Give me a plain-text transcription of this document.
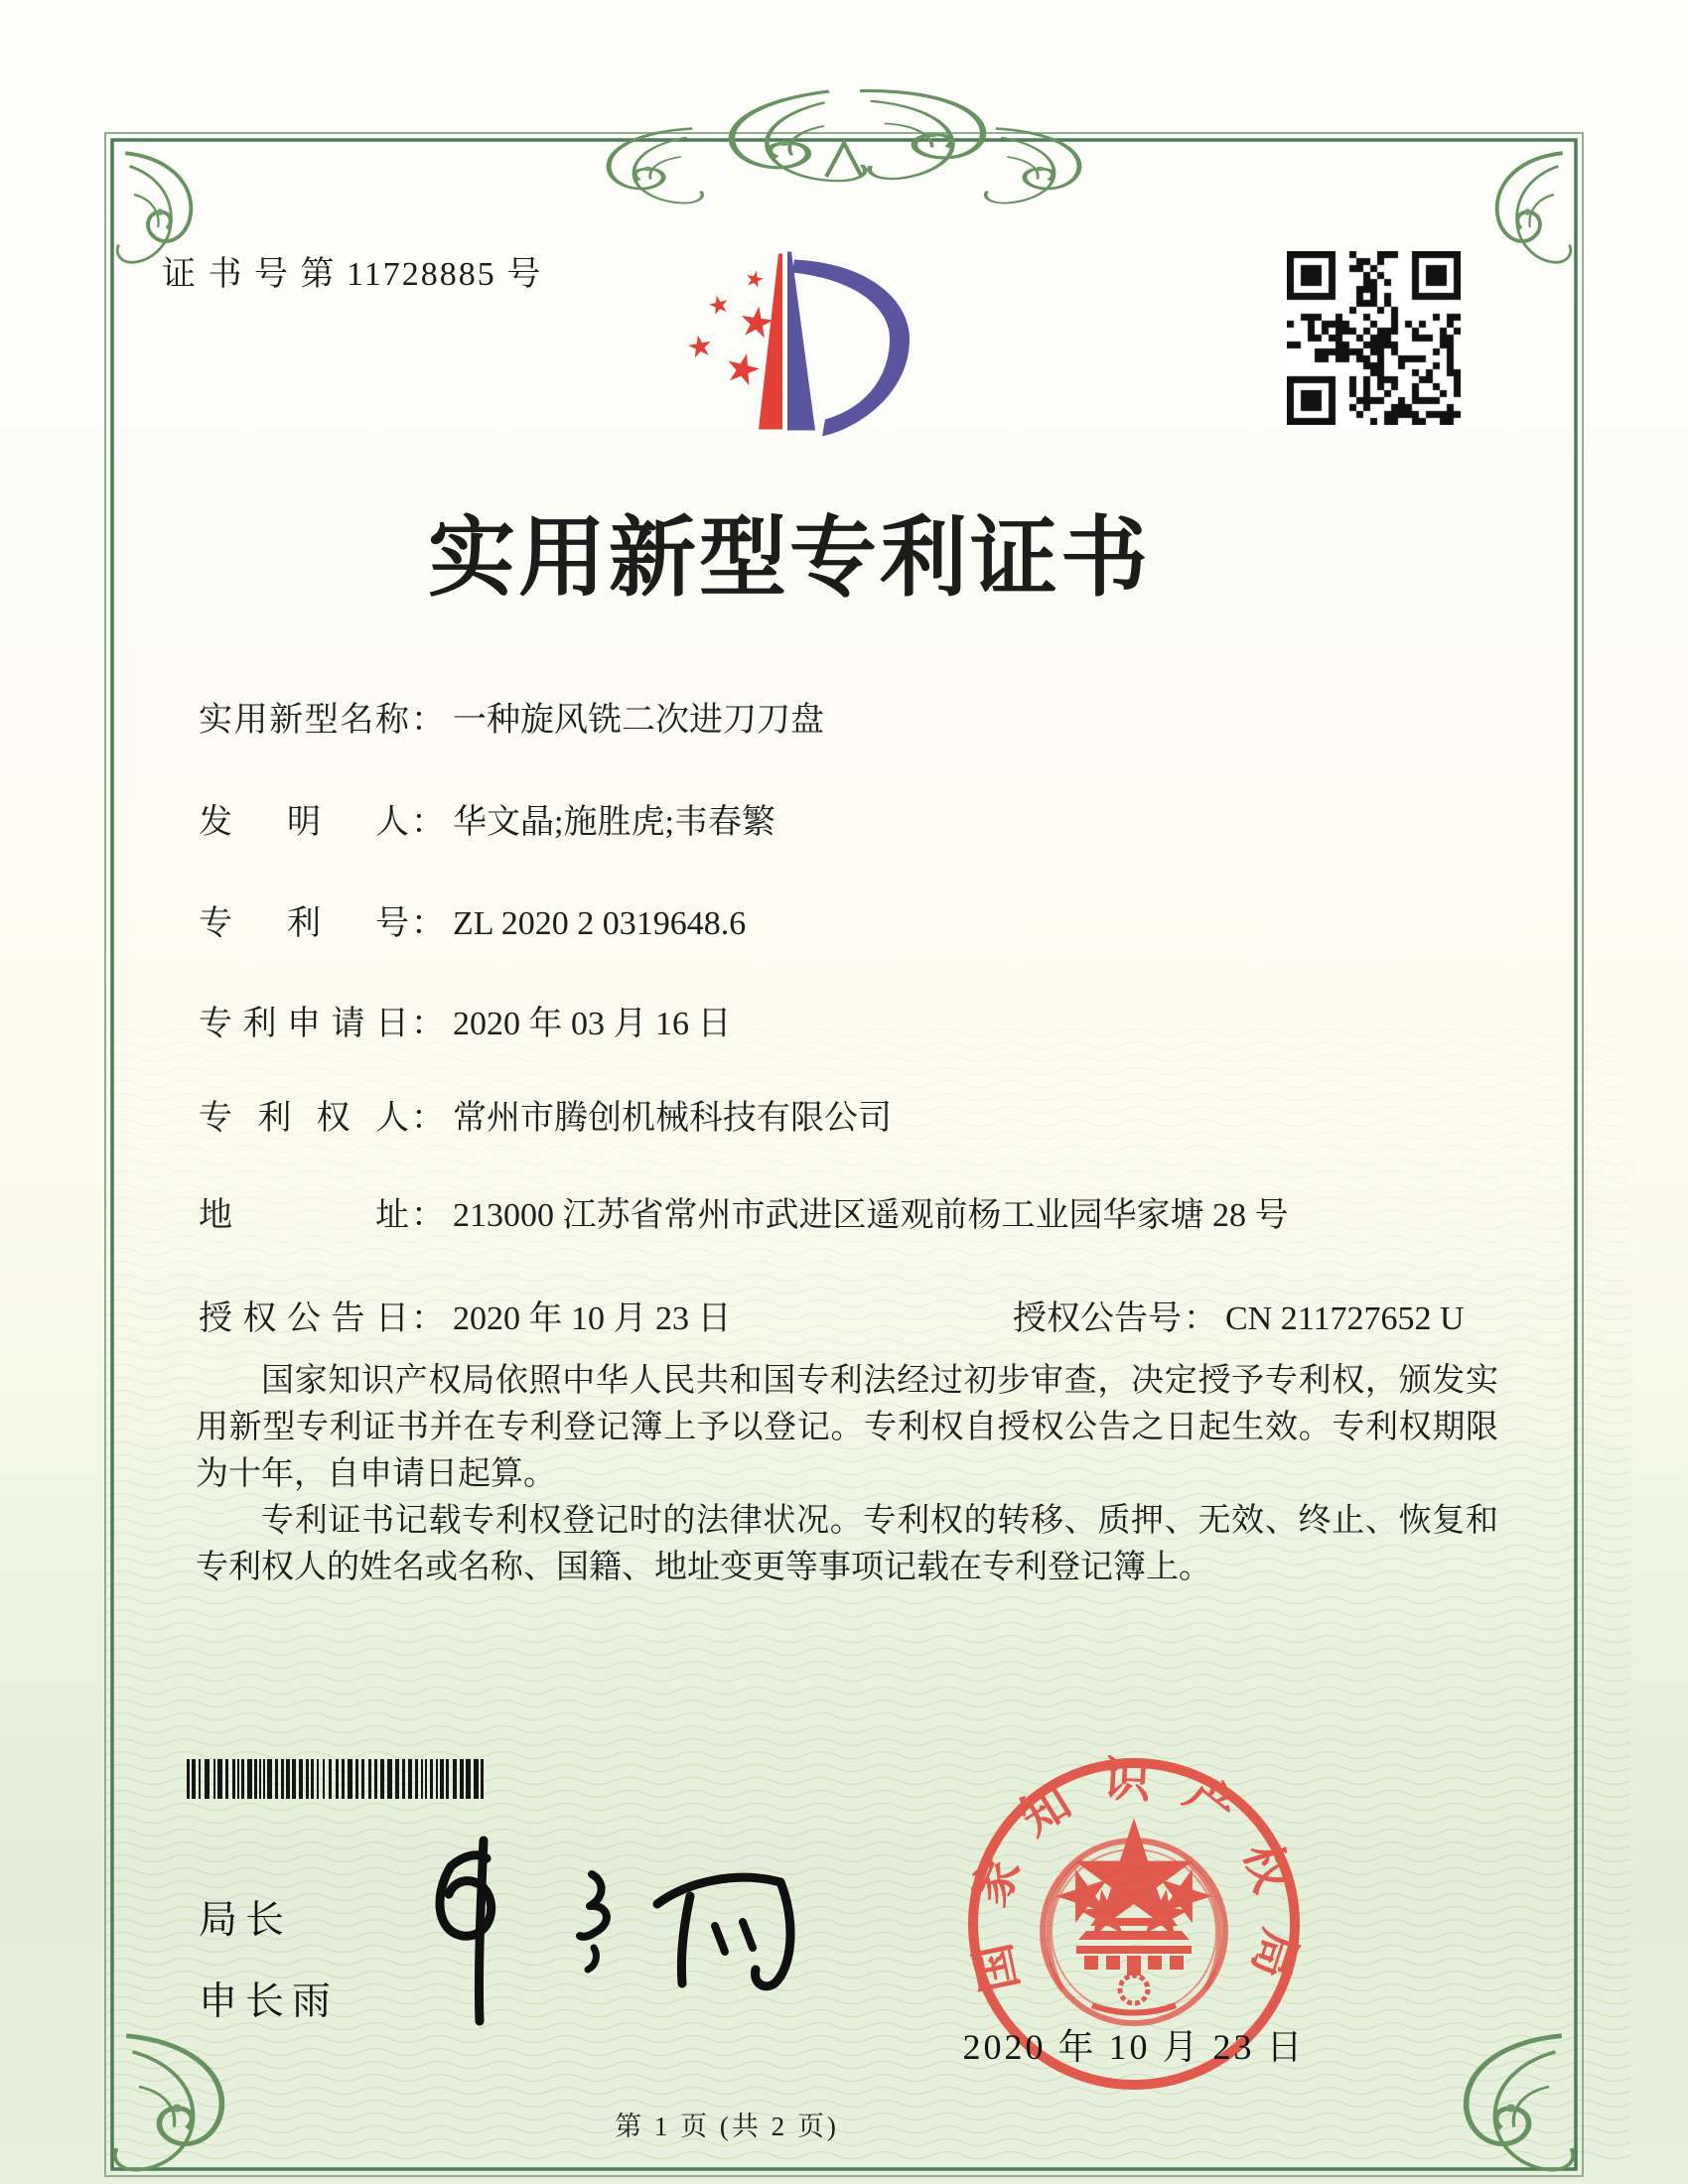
证 书 号 第 11728885 号
实用新型专利证书
实用新型名称 ： 一种旋风铣二次进刀刀盘
发明人 ： 华文晶;施胜虎;韦春繁
专利号 ： ZL 2020 2 0319648.6
专利申请日 ： 2020 年 03 月 16 日
专利权人 ： 常州市腾创机械科技有限公司
地址 ： 213000 江苏省常州市武进区遥观前杨工业园华家塘 28 号
授权公告日 ： 2020 年 10 月 23 日	授权公告号 ： CN 211727652 U

国家知识产权局依照中华人民共和国专利法经过初步审查，决定授予专利权，颁发实用新型专利证书并在专利登记簿上予以登记。专利权自授权公告之日起生效。专利权期限为十年，自申请日起算。

专利证书记载专利权登记时的法律状况。专利权的转移、质押、无效、终止、恢复和专利权人的姓名或名称、国籍、地址变更等事项记载在专利登记簿上。

局长
申长雨
国家知识产权局
2020 年 10 月 23 日
第 1 页 (共 2 页)
